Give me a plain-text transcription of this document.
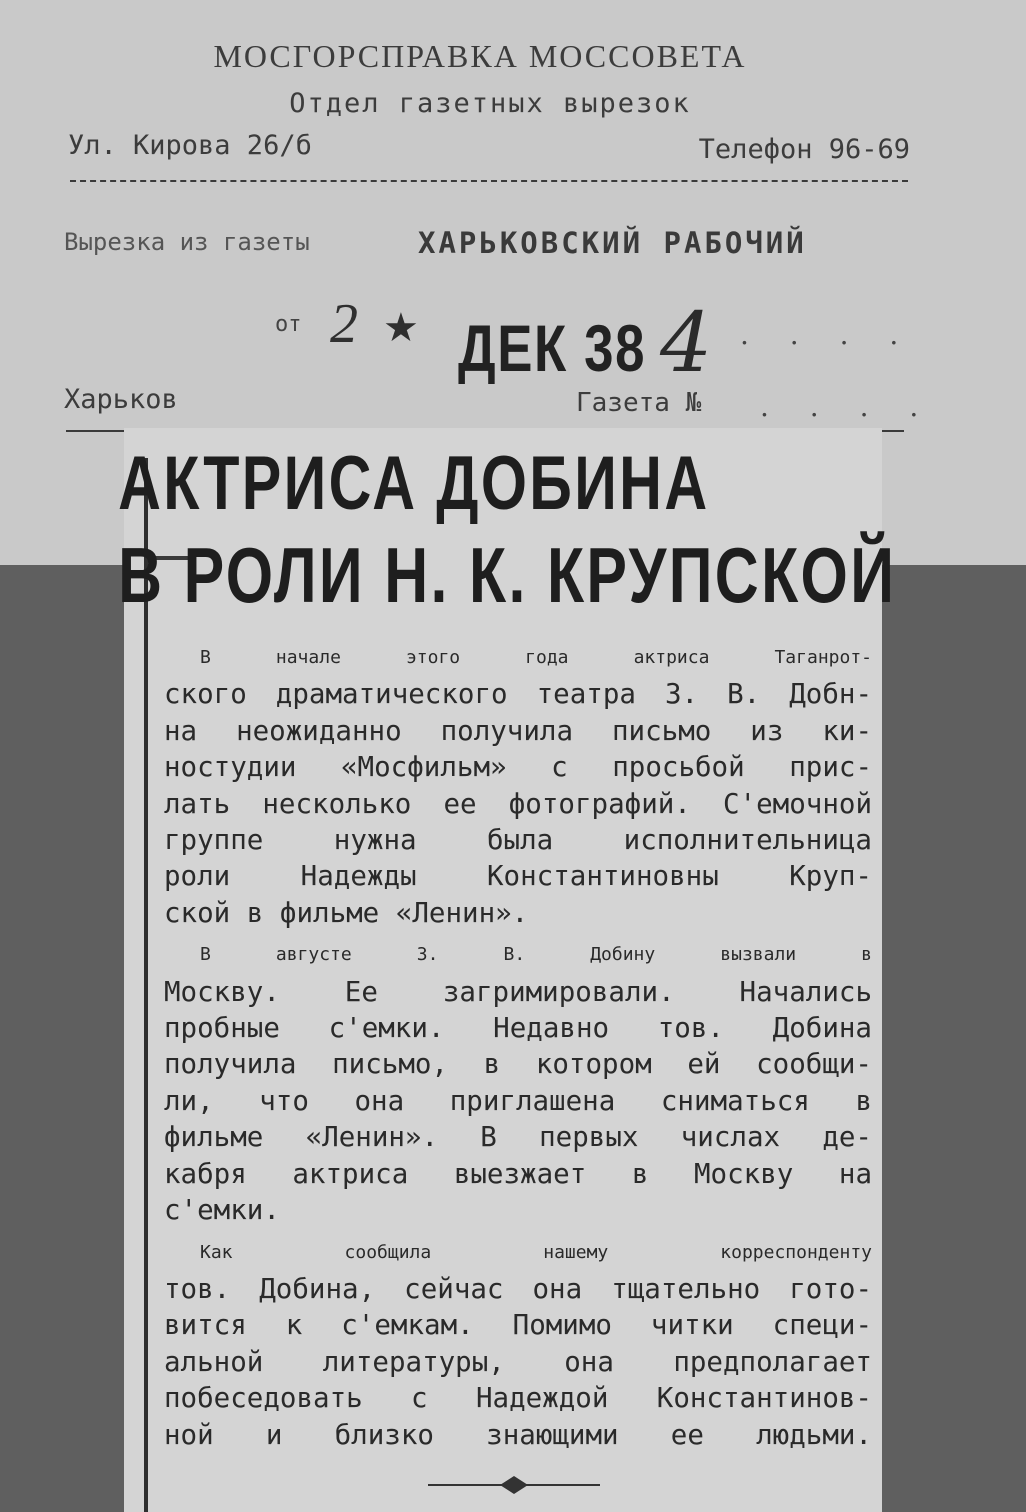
МОСГОРСПРАВКА МОССОВЕТА
Отдел газетных вырезок
Ул. Кирова 26/б	Телефон 96-69
Вырезка из газеты	ХАРЬКОВСКИЙ РАБОЧИЙ
от 2 ★ ДЕК 38 4 . . . .
Харьков	Газета № . . . .
АКТРИСА ДОБИНА
В РОЛИ Н. К. КРУПСКОЙ

В начале этого года актриса Таганрот-
ского драматического театра З. В. Добн-
на неожиданно получила письмо из ки-
ностудии «Мосфильм» с просьбой прис-
лать несколько ее фотографий. С'емочной
группе нужна была исполнительница
роли Надежды Константиновны Круп-
ской в фильме «Ленин».

В августе З. В. Добину вызвали в
Москву. Ее загримировали. Начались
пробные с'емки. Недавно тов. Добина
получила письмо, в котором ей сообщи-
ли, что она приглашена сниматься в
фильме «Ленин». В первых числах де-
кабря актриса выезжает в Москву на
с'емки.

Как сообщила нашему корреспонденту
тов. Добина, сейчас она тщательно гото-
вится к с'емкам. Помимо читки специ-
альной литературы, она предполагает
побеседовать с Надеждой Константинов-
ной и близко знающими ее людьми.
